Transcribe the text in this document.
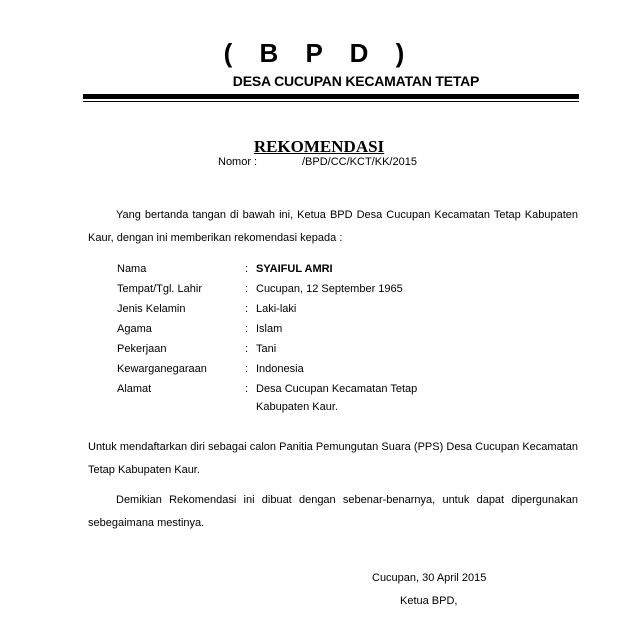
( B P D )
DESA CUCUPAN KECAMATAN TETAP
REKOMENDASI
Nomor :	/BPD/CC/KCT/KK/2015
Yang bertanda tangan di bawah ini, Ketua BPD Desa Cucupan Kecamatan Tetap Kabupaten Kaur, dengan ini memberikan rekomendasi kepada :
Nama	: SYAIFUL AMRI
Tempat/Tgl. Lahir	: Cucupan, 12 September 1965
Jenis Kelamin	: Laki-laki
Agama	: Islam
Pekerjaan	: Tani
Kewarganegaraan	: Indonesia
Alamat	: Desa Cucupan Kecamatan Tetap
Kabupaten Kaur.
Untuk mendaftarkan diri sebagai calon Panitia Pemungutan Suara (PPS) Desa Cucupan Kecamatan Tetap Kabupaten Kaur.
Demikian Rekomendasi ini dibuat dengan sebenar-benarnya, untuk dapat dipergunakan sebegaimana mestinya.
Cucupan, 30 April 2015
Ketua BPD,
